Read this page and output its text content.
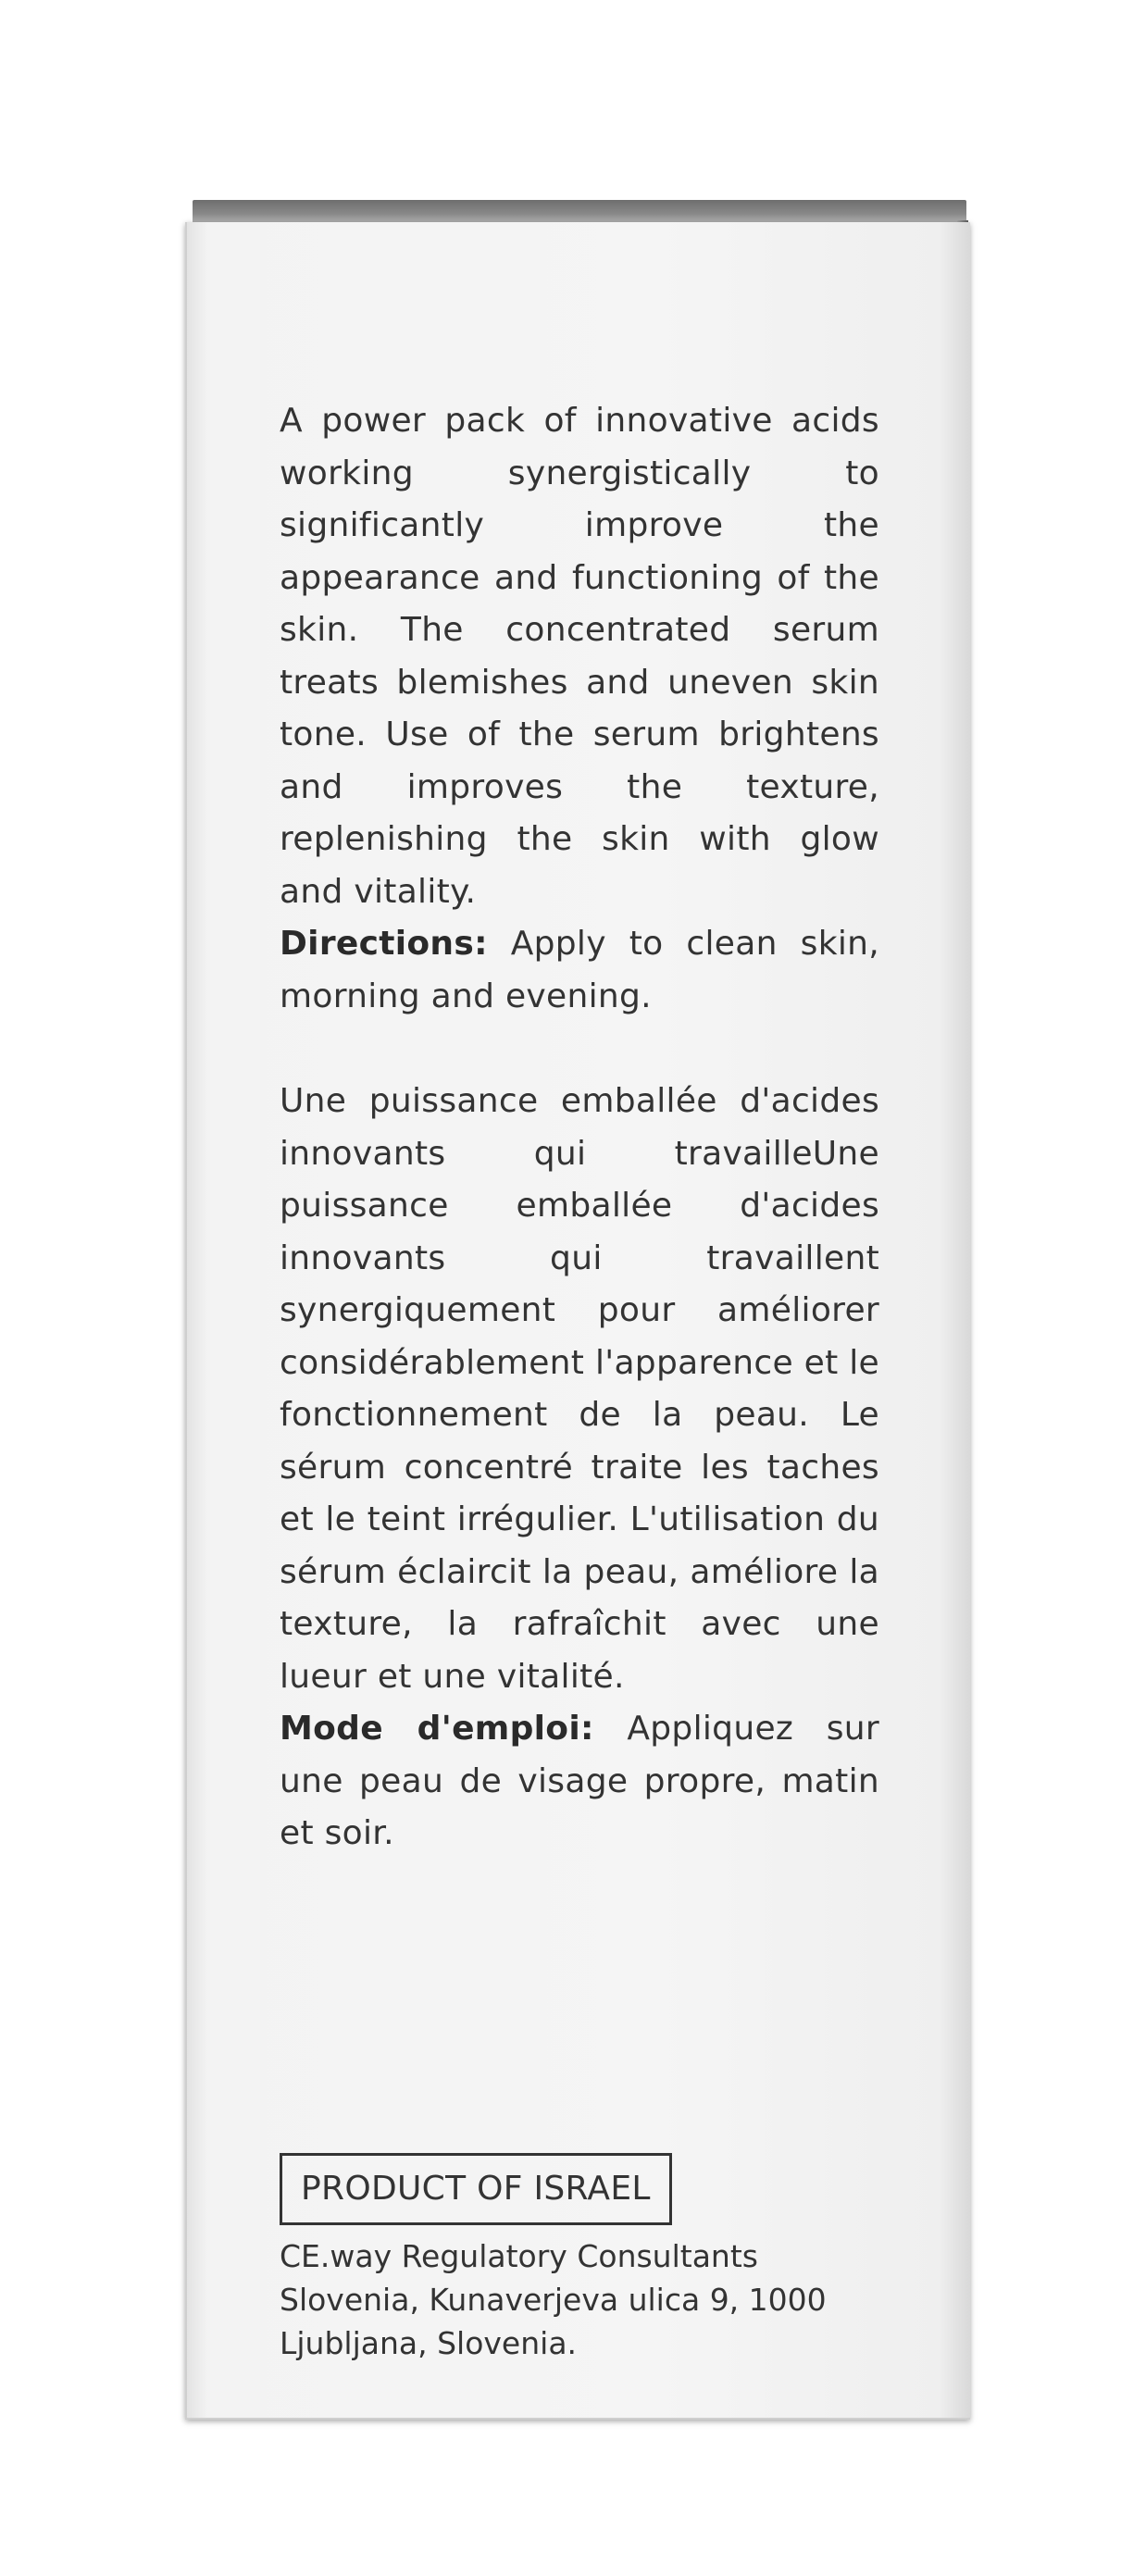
A power pack of innovative acids working synergistically to significantly improve the appearance and functioning of the skin. The concentrated serum treats blemishes and uneven skin tone. Use of the serum brightens and improves the texture, replenishing the skin with glow and vitality.
Directions: Apply to clean skin, morning and evening.
Une puissance emballée d'acides innovants qui travailleUne puissance emballée d'acides innovants qui travaillent synergiquement pour améliorer considérablement l'apparence et le fonctionnement de la peau. Le sérum concentré traite les taches et le teint irrégulier. L'utilisation du sérum éclaircit la peau, améliore la texture, la rafraîchit avec une lueur et une vitalité.
Mode d'emploi: Appliquez sur une peau de visage propre, matin et soir.
PRODUCT OF ISRAEL
CE.way Regulatory Consultants
Slovenia, Kunaverjeva ulica 9, 1000
Ljubljana, Slovenia.
